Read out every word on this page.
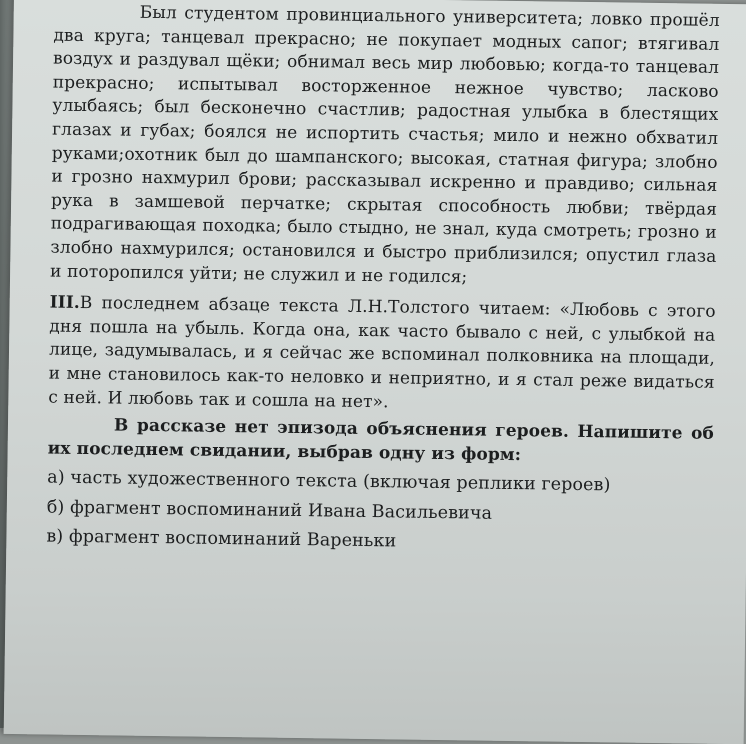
Был студентом провинциального университета; ловко прошёл два круга; танцевал прекрасно; не покупает модных сапог; втягивал воздух и раздувал щёки; обнимал весь мир любовью; когда-то танцевал прекрасно; испытывал восторженное нежное чувство; ласково улыбаясь; был бесконечно счастлив; радостная улыбка в блестящих глазах и губах; боялся не испортить счастья; мило и нежно обхватил руками;охотник был до шампанского; высокая, статная фигура; злобно и грозно нахмурил брови; рассказывал искренно и правдиво; сильная рука в замшевой перчатке; скрытая способность любви; твёрдая подрагивающая походка; было стыдно, не знал, куда смотреть; грозно и злобно нахмурился; остановился и быстро приблизился; опустил глаза и поторопился уйти; не служил и не годился;

III.В последнем абзаце текста Л.Н.Толстого читаем: «Любовь с этого дня пошла на убыль. Когда она, как часто бывало с ней, с улыбкой на лице, задумывалась, и я сейчас же вспоминал полковника на площади, и мне становилось как-то неловко и неприятно, и я стал реже видаться с ней. И любовь так и сошла на нет».

В рассказе нет эпизода объяснения героев. Напишите об их последнем свидании, выбрав одну из форм:

а) часть художественного текста (включая реплики героев)

б) фрагмент воспоминаний Ивана Васильевича

в) фрагмент воспоминаний Вареньки
